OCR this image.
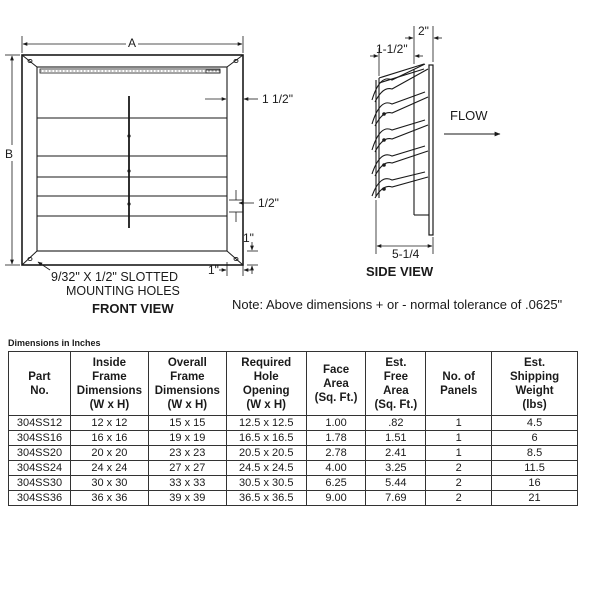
A
B
1 1/2"
1/2"
1"
1"
9/32" X 1/2" SLOTTED
MOUNTING HOLES
FRONT VIEW
2"
1-1/2"
5-1/4
FLOW
SIDE VIEW
Note: Above dimensions + or - normal tolerance of .0625"
Dimensions in Inches
Part
No.	Inside
Frame
Dimensions
(W x H)	Overall
Frame
Dimensions
(W x H)	Required
Hole
Opening
(W x H)	Face
Area
(Sq. Ft.)	Est.
Free
Area
(Sq. Ft.)	No. of
Panels	Est.
Shipping
Weight
(lbs)
304SS12	12 x 12	15 x 15	12.5 x 12.5	1.00	.82	1	4.5
304SS16	16 x 16	19 x 19	16.5 x 16.5	1.78	1.51	1	6
304SS20	20 x 20	23 x 23	20.5 x 20.5	2.78	2.41	1	8.5
304SS24	24 x 24	27 x 27	24.5 x 24.5	4.00	3.25	2	11.5
304SS30	30 x 30	33 x 33	30.5 x 30.5	6.25	5.44	2	16
304SS36	36 x 36	39 x 39	36.5 x 36.5	9.00	7.69	2	21
